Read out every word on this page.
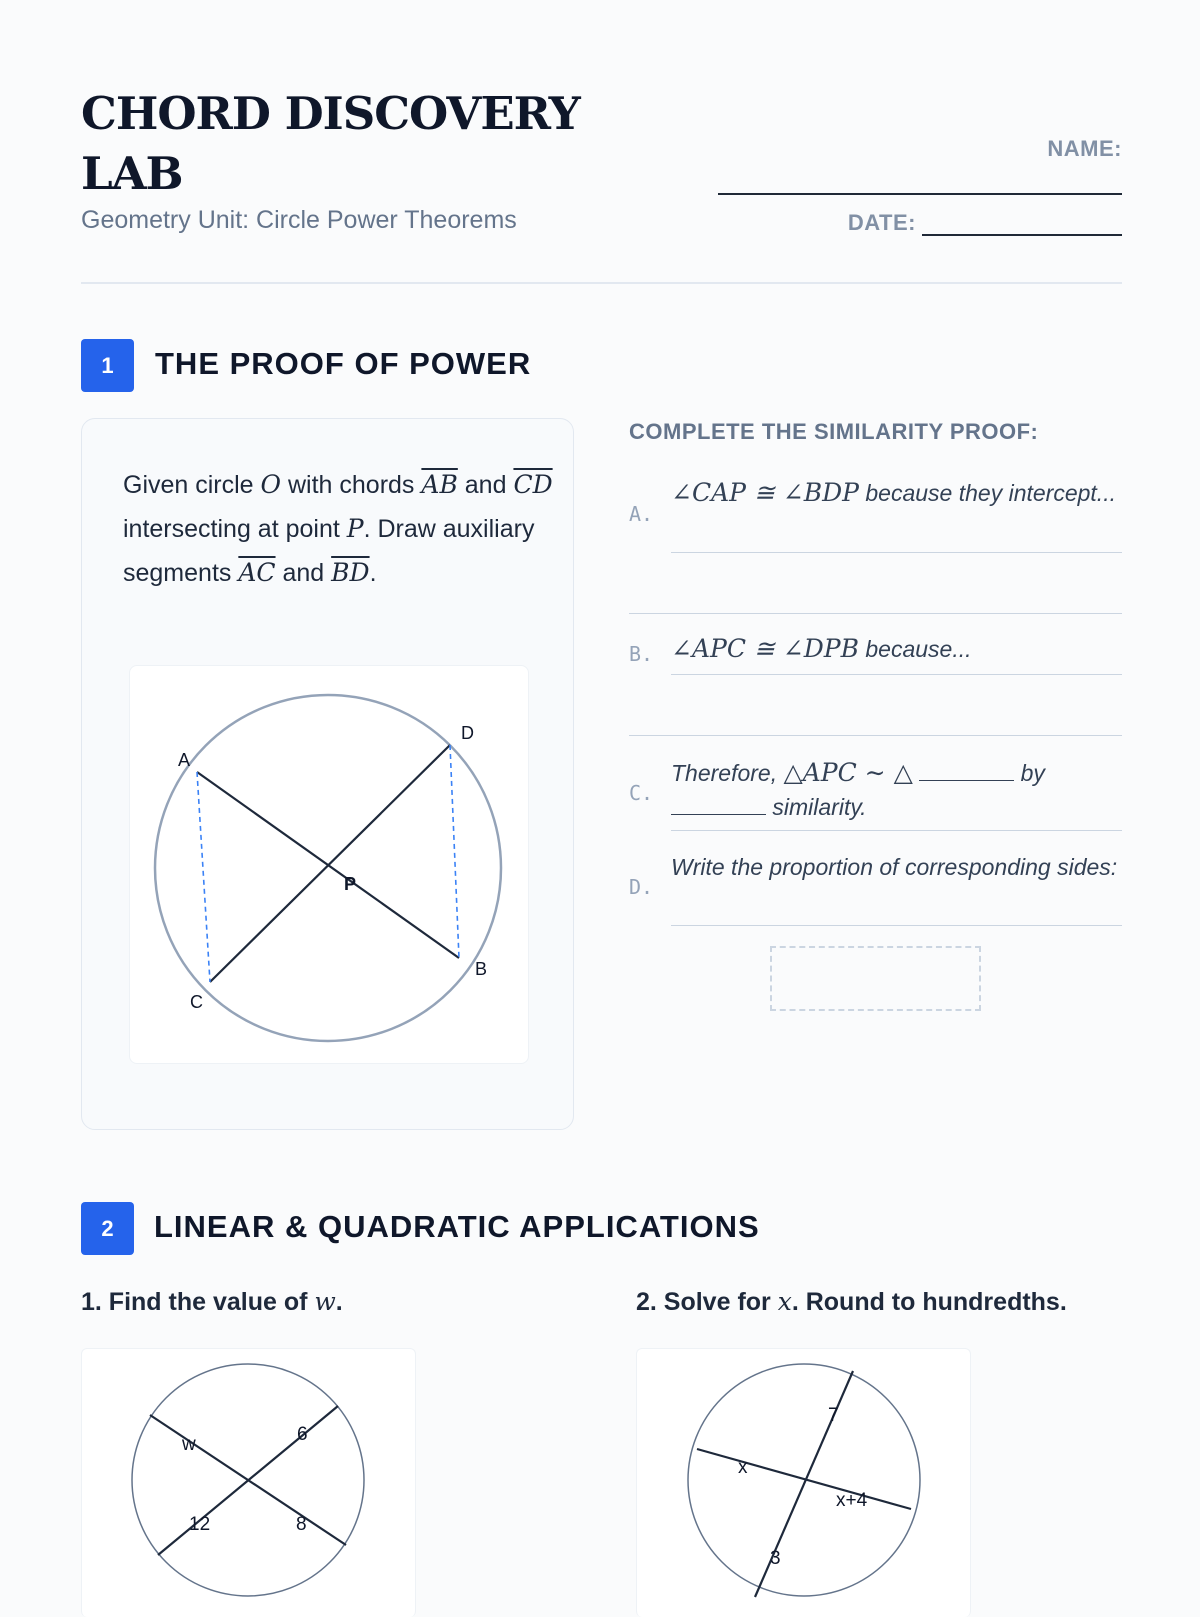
CHORD DISCOVERY LAB
Geometry Unit: Circle Power Theorems
NAME:
DATE:
1	THE PROOF OF POWER
Given circle O with chords $\overline{AB}$ and $\overline{CD}$ intersecting at point P. Draw auxiliary segments $\overline{AC}$ and $\overline{BD}$.
A
D
P
B
C
COMPLETE THE SIMILARITY PROOF:
A.
∠CAP ≅ ∠BDP because they intercept...
B. ∠APC ≅ ∠DPB because...
C.
Therefore, △APC ∼ △	by
similarity.
D.
Write the proportion of corresponding sides:
2	LINEAR & QUADRATIC APPLICATIONS
1. Find the value of w.	2. Solve for x. Round to hundredths.
w	6
12	8
7
x
x+4
3
